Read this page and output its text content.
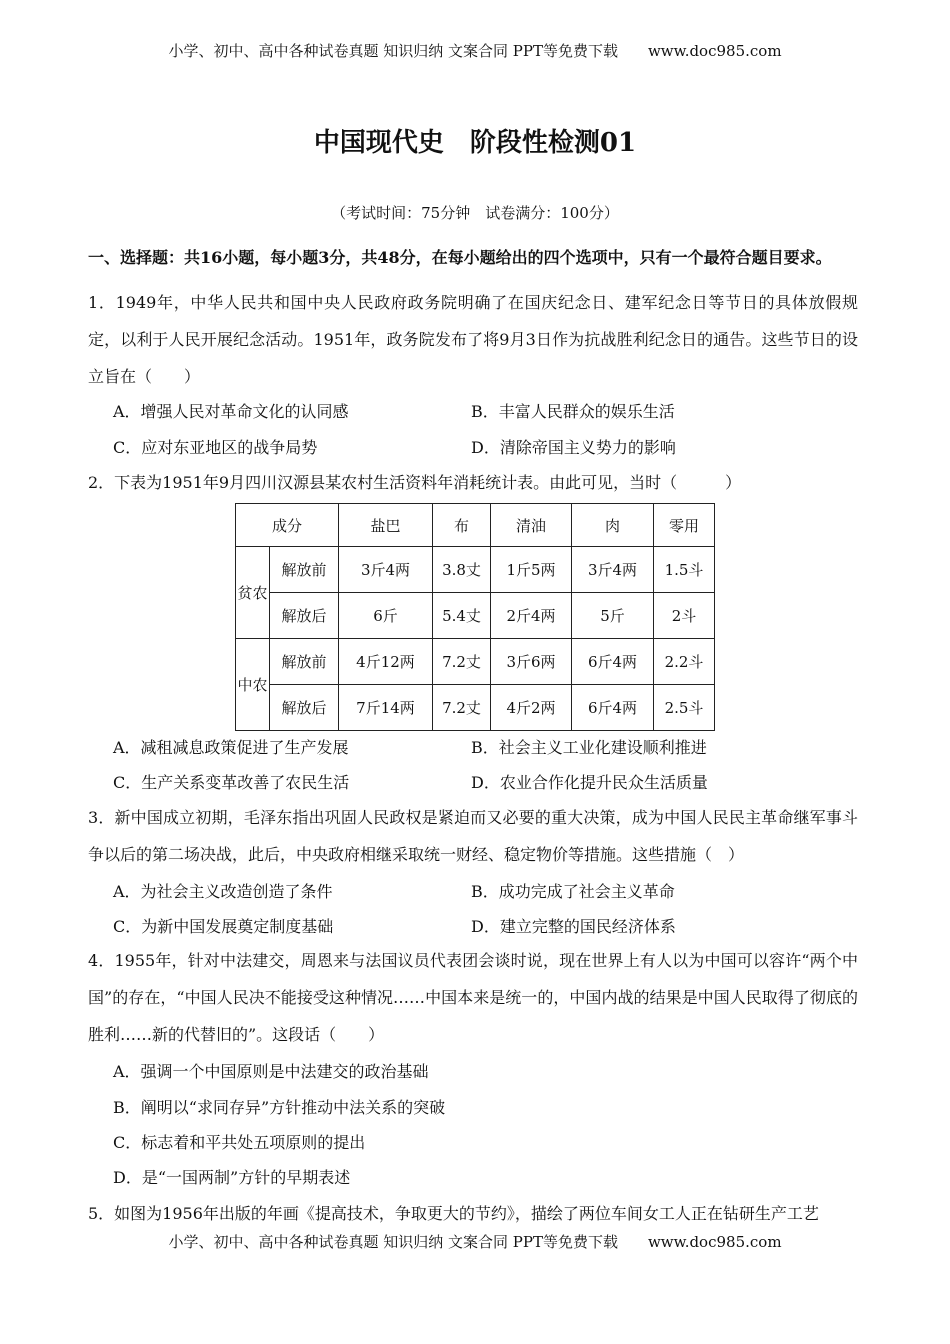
小学、初中、高中各种试卷真题 知识归纳 文案合同 PPT等免费下载 www.doc985.com
中国现代史　阶段性检测01
（考试时间：75分钟　试卷满分：100分）
一、选择题：共16小题，每小题3分，共48分，在每小题给出的四个选项中，只有一个最符合题目要求。
1．1949年，中华人民共和国中央人民政府政务院明确了在国庆纪念日、建军纪念日等节日的具体放假规定，以利于人民开展纪念活动。1951年，政务院发布了将9月3日作为抗战胜利纪念日的通告。这些节日的设立旨在（　　）
A．增强人民对革命文化的认同感	B．丰富人民群众的娱乐生活
C．应对东亚地区的战争局势	D．清除帝国主义势力的影响
2．下表为1951年9月四川汉源县某农村生活资料年消耗统计表。由此可见，当时（　　　）
成分		盐巴	布	清油	肉	零用
贫农	解放前	3斤4两	3.8丈	1斤5两	3斤4两	1.5斗
	解放后	6斤	5.4丈	2斤4两	5斤	2斗
中农	解放前	4斤12两	7.2丈	3斤6两	6斤4两	2.2斗
	解放后	7斤14两	7.2丈	4斤2两	6斤4两	2.5斗
A．减租减息政策促进了生产发展	B．社会主义工业化建设顺利推进
C．生产关系变革改善了农民生活	D．农业合作化提升民众生活质量
3．新中国成立初期，毛泽东指出巩固人民政权是紧迫而又必要的重大决策，成为中国人民民主革命继军事斗争以后的第二场决战，此后，中央政府相继采取统一财经、稳定物价等措施。这些措施（　）
A．为社会主义改造创造了条件	B．成功完成了社会主义革命
C．为新中国发展奠定制度基础	D．建立完整的国民经济体系
4．1955年，针对中法建交，周恩来与法国议员代表团会谈时说，现在世界上有人以为中国可以容许“两个中国”的存在，“中国人民决不能接受这种情况……中国本来是统一的，中国内战的结果是中国人民取得了彻底的胜利……新的代替旧的”。这段话（　　）
A．强调一个中国原则是中法建交的政治基础
B．阐明以“求同存异”方针推动中法关系的突破
C．标志着和平共处五项原则的提出
D．是“一国两制”方针的早期表述
5．如图为1956年出版的年画《提高技术，争取更大的节约》，描绘了两位车间女工人正在钻研生产工艺
小学、初中、高中各种试卷真题 知识归纳 文案合同 PPT等免费下载 www.doc985.com
